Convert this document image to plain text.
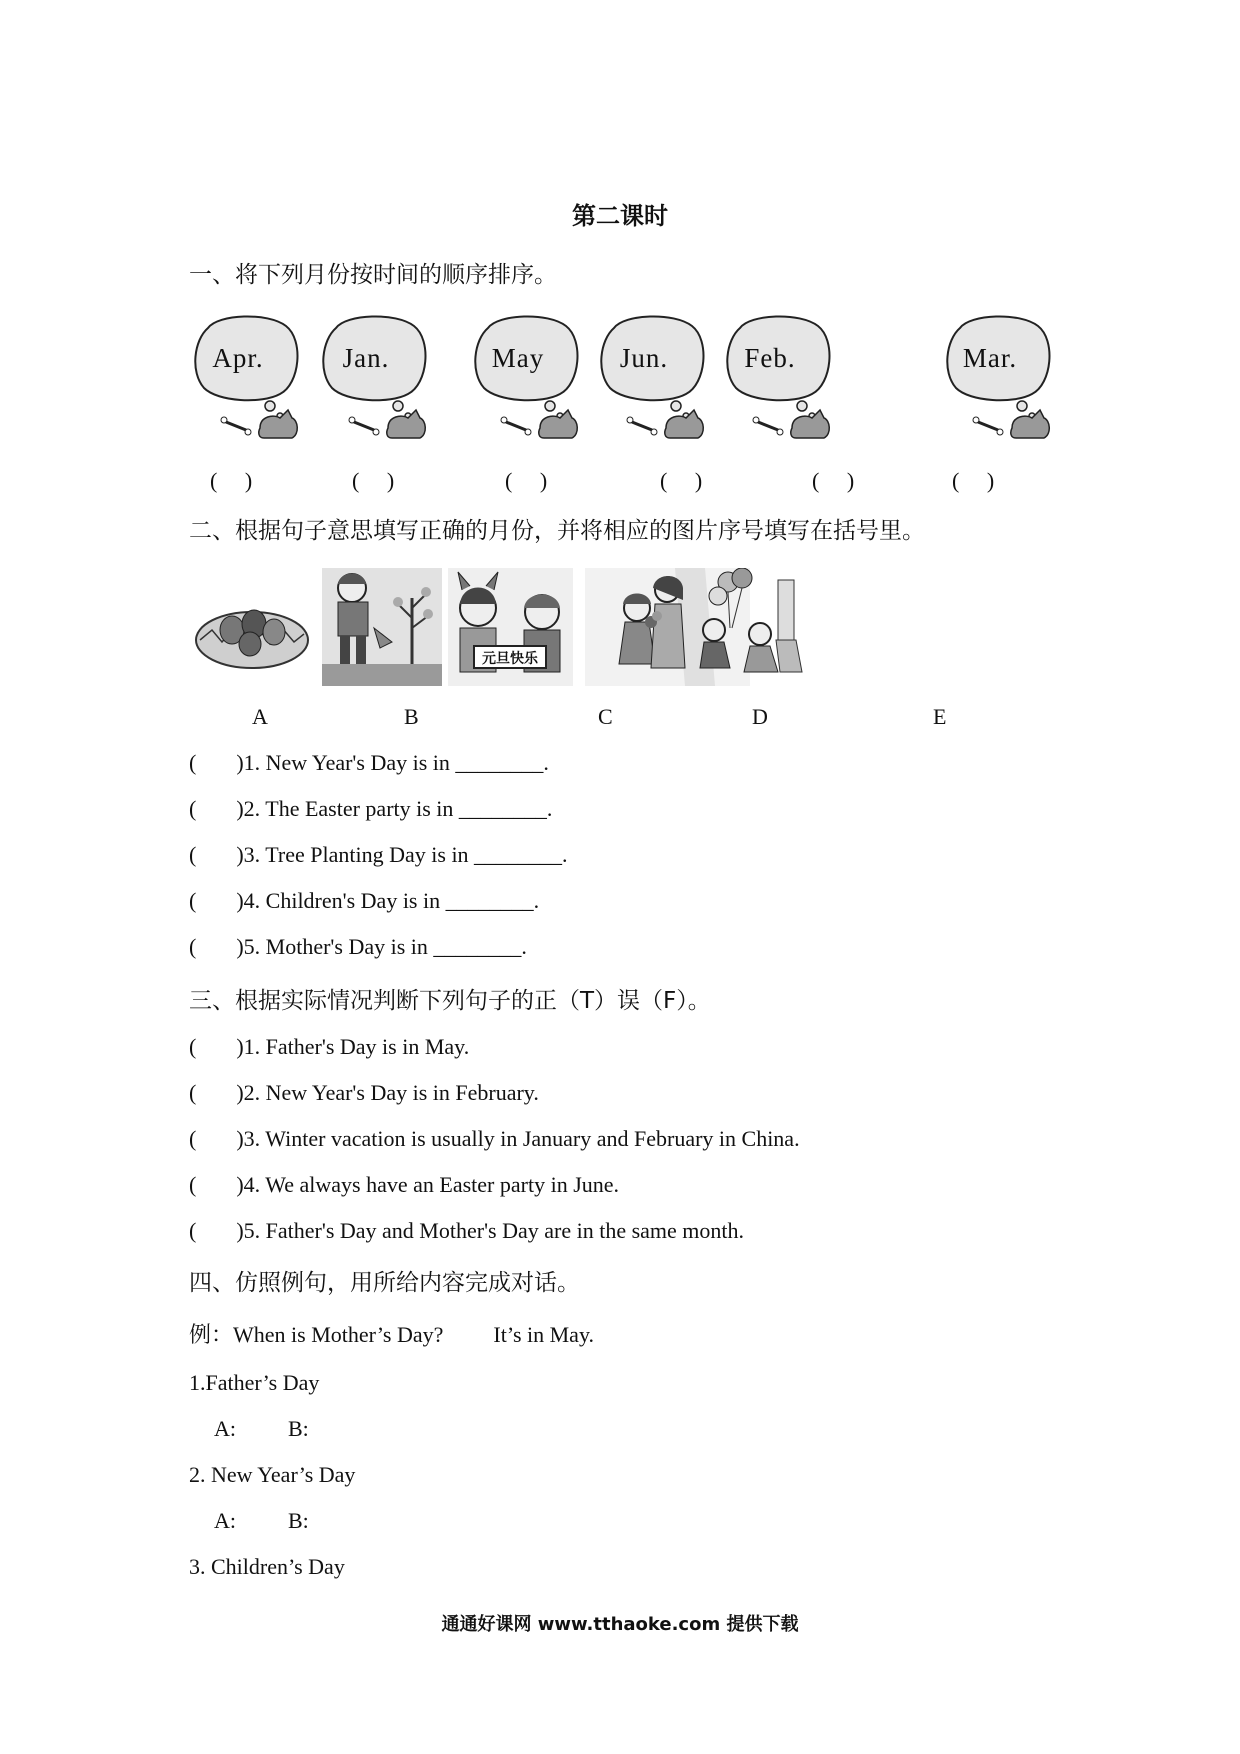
第二课时
一、将下列月份按时间的顺序排序。
Apr.	Jan.	May	Jun.	Feb.	Mar.
(     )	(     )	(     )	(     )	(     )	(     )
二、根据句子意思填写正确的月份，并将相应的图片序号填写在括号里。
元旦快乐
A	B	C	D	E
( )1. New Year's Day is in ________.
( )2. The Easter party is in ________.
( )3. Tree Planting Day is in ________.
( )4. Children's Day is in ________.
( )5. Mother's Day is in ________.
三、根据实际情况判断下列句子的正（T）误（F）。
( )1. Father's Day is in May.
( )2. New Year's Day is in February.
( )3. Winter vacation is usually in January and February in China.
( )4. We always have an Easter party in June.
( )5. Father's Day and Mother's Day are in the same month.
四、仿照例句，用所给内容完成对话。
例：When is Mother’s Day? It’s in May.
1.Father’s Day
A: B:
2. New Year’s Day
A: B:
3. Children’s Day
通通好课网 www.tthaoke.com 提供下载
